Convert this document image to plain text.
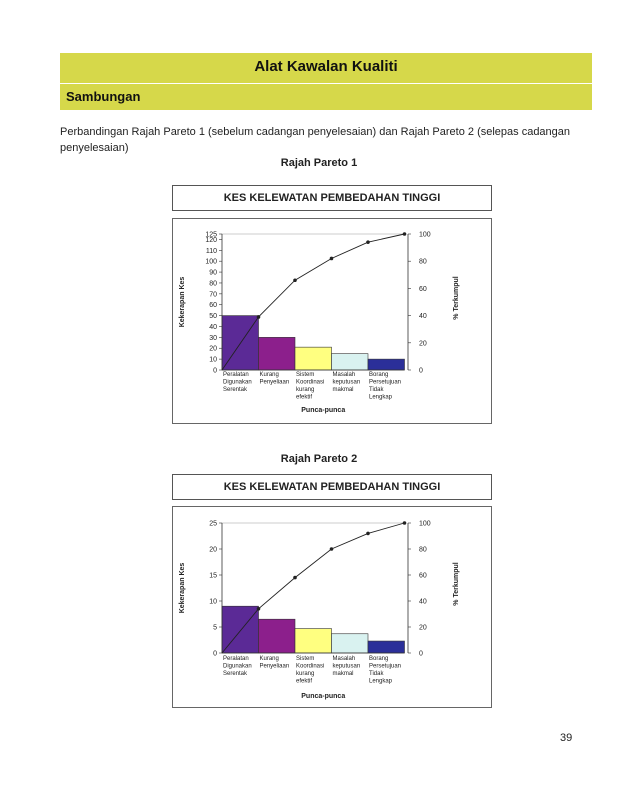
Alat Kawalan Kualiti
Sambungan
Perbandingan Rajah Pareto 1 (sebelum cadangan penyelesaian) dan Rajah Pareto 2 (selepas cadangan penyelesaian)
Rajah Pareto 1
KES KELEWATAN PEMBEDAHAN TINGGI
0
10
20
30
40
50
60
70
80
90
100
110
120
125
0
20
40
60
80
100
Peralatan
Digunakan
Serentak
Kurang
Penyeliaan
Sistem
Koordinasi
kurang
efektif
Masalah
keputusan
makmal
Borang
Persetujuan
Tidak
Lengkap
Punca-punca
Kekerapan Kes	% Terkumpul
Rajah Pareto 2
KES KELEWATAN PEMBEDAHAN TINGGI
0
5
10
15
20
25
0
20
40
60
80
100
Peralatan
Digunakan
Serentak
Kurang
Penyeliaan
Sistem
Koordinasi
kurang
efektif
Masalah
keputusan
makmal
Borang
Persetujuan
Tidak
Lengkap
Punca-punca
Kekerapan Kes	% Terkumpul
39
